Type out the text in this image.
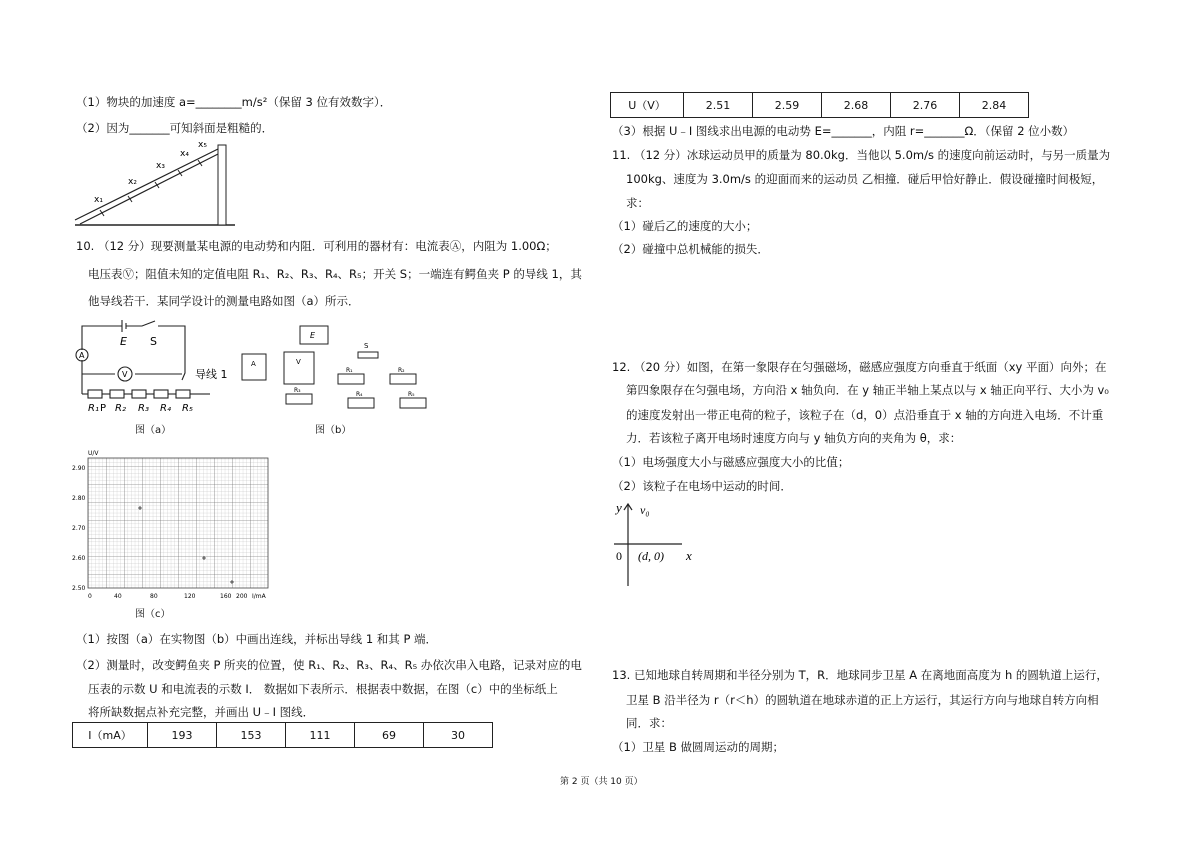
（1）物块的加速度 a=________m/s²（保留 3 位有效数字）．
（2）因为_______可知斜面是粗糙的．
x₁
x₂
x₃
x₄
x₅
10. （12 分）现要测量某电源的电动势和内阻．可利用的器材有：电流表Ⓐ，内阻为 1.00Ω；
电压表Ⓥ；阻值未知的定值电阻 R₁、R₂、R₃、R₄、R₅；开关 S；一端连有鳄鱼夹 P 的导线 1，其
他导线若干．某同学设计的测量电路如图（a）所示．
A
V
E S
导线 1
P
R₁ R₂ R₃ R₄ R₅
图（a）
E
S
A	V
R₁	R₂
R₃
R₄	R₅
图（b）
U/V
I/mA
2.90
2.80
2.70
2.60
2.50
0	40	80	120	160 200
图（c）
（1）按图（a）在实物图（b）中画出连线，并标出导线 1 和其 P 端．
（2）测量时，改变鳄鱼夹 P 所夹的位置，使 R₁、R₂、R₃、R₄、R₅ 办依次串入电路，记录对应的电
压表的示数 U 和电流表的示数 I． 数据如下表所示．根据表中数据，在图（c）中的坐标纸上
将所缺数据点补充完整，并画出 U﹣I 图线．
I（mA）	193	153	111	69	30
U（V）	2.51	2.59	2.68	2.76	2.84
（3）根据 U﹣I 图线求出电源的电动势 E=_______，内阻 r=_______Ω．（保留 2 位小数）
11. （12 分）冰球运动员甲的质量为 80.0kg．当他以 5.0m/s 的速度向前运动时，与另一质量为
100kg、速度为 3.0m/s 的迎面而来的运动员 乙相撞．碰后甲恰好静止．假设碰撞时间极短，
求：
（1）碰后乙的速度的大小；
（2）碰撞中总机械能的损失．
12. （20 分）如图，在第一象限存在匀强磁场，磁感应强度方向垂直于纸面（xy 平面）向外；在
第四象限存在匀强电场，方向沿 x 轴负向．在 y 轴正半轴上某点以与 x 轴正向平行、大小为 v₀
的速度发射出一带正电荷的粒子，该粒子在（d，0）点沿垂直于 x 轴的方向进入电场．不计重
力．若该粒子离开电场时速度方向与 y 轴负方向的夹角为 θ，求：
（1）电场强度大小与磁感应强度大小的比值；
（2）该粒子在电场中运动的时间．
y v₀
0 (d, 0) x
13. 已知地球自转周期和半径分别为 T，R．地球同步卫星 A 在离地面高度为 h 的圆轨道上运行，
卫星 B 沿半径为 r（r＜h）的圆轨道在地球赤道的正上方运行，其运行方向与地球自转方向相
同．求：
（1）卫星 B 做圆周运动的周期；
第 2 页（共 10 页）
